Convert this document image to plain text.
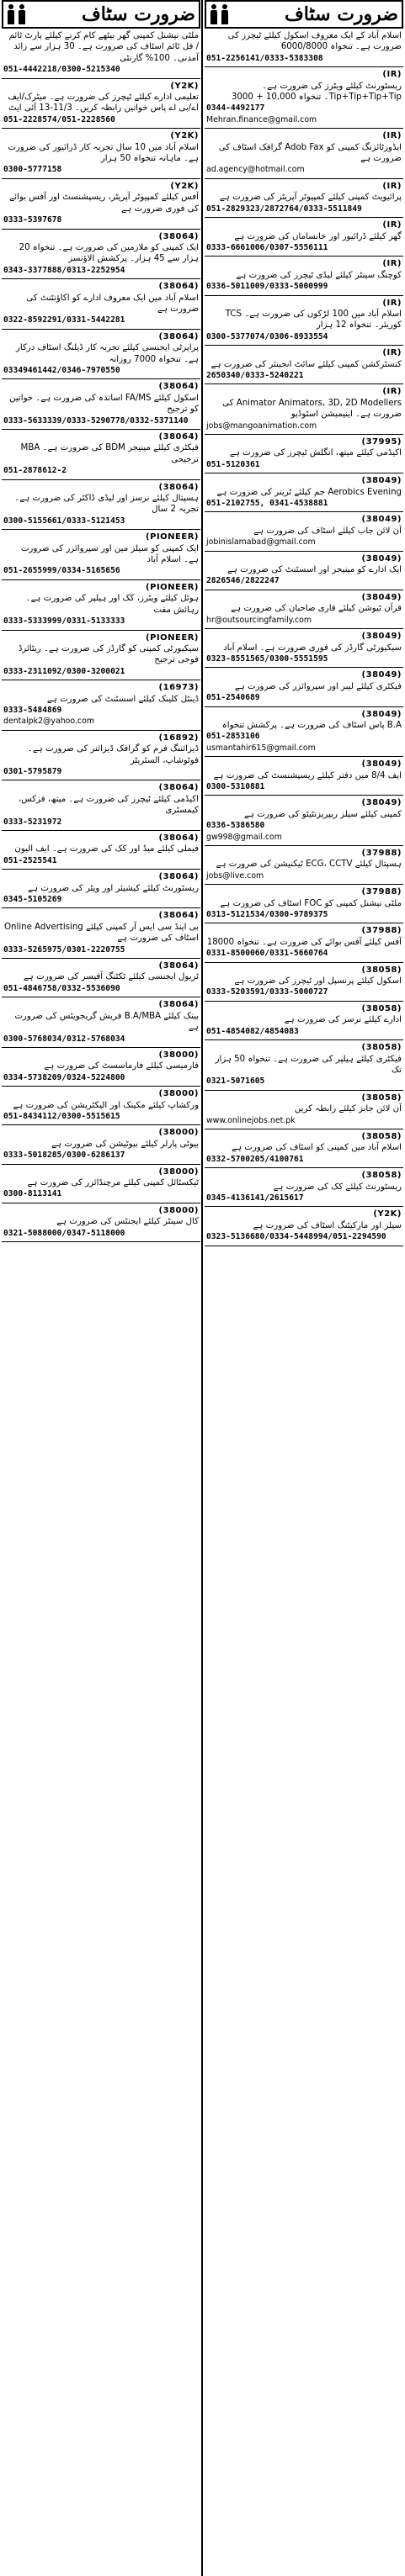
ضرورت سٹاف
ملٹی نیشنل کمپنی گھر بیٹھے کام کرنے کیلئے پارٹ ٹائم / فل ٹائم اسٹاف کی ضرورت ہے۔ 30 ہزار سے زائد آمدنی۔ 100% گارنٹی
051-4442218/0300-5215340
(Y2K)
تعلیمی ادارے کیلئے ٹیچرز کی ضرورت ہے۔ میٹرک/ایف اے/بی اے پاس خواتین رابطہ کریں۔ 11/3-13 آئی ایٹ
051-2228574/051-2228560
(Y2K)
اسلام آباد میں 10 سال تجربہ کار ڈرائیور کی ضرورت ہے۔ ماہانہ تنخواہ 50 ہزار
0300-5777158
(Y2K)
آفس کیلئے کمپیوٹر آپریٹر، ریسپشنسٹ اور آفس بوائے کی فوری ضرورت ہے
0333-5397678
(38064)
ایک کمپنی کو ملازمین کی ضرورت ہے۔ تنخواہ 20 ہزار سے 45 ہزار۔ پرکشش الاؤنسز
0343-3377888/0313-2252954
(38064)
اسلام آباد میں ایک معروف ادارے کو اکاؤنٹنٹ کی ضرورت ہے
0322-8592291/0331-5442281
(38064)
پراپرٹی ایجنسی کیلئے تجربہ کار ڈیلنگ اسٹاف درکار ہے۔ تنخواہ 7000 روزانہ
03349461442/0346-7970550
(38064)
اسکول کیلئے FA/MS اساتذہ کی ضرورت ہے۔ خواتین کو ترجیح
0333-5633339/0333-5290778/0332-5371140
(38064)
فیکٹری کیلئے مینیجر BDM کی ضرورت ہے۔ MBA ترجیحی
051-2878612-2
(38064)
ہسپتال کیلئے نرسز اور لیڈی ڈاکٹر کی ضرورت ہے۔ تجربہ 2 سال
0300-5155661/0333-5121453
(PIONEER)
ایک کمپنی کو سیلز مین اور سپروائزر کی ضرورت ہے۔ اسلام آباد
051-2655999/0334-5165656
(PIONEER)
ہوٹل کیلئے ویٹرز، کک اور ہیلپر کی ضرورت ہے۔ رہائش مفت
0333-5333999/0331-5133333
(PIONEER)
سیکیورٹی کمپنی کو گارڈز کی ضرورت ہے۔ ریٹائرڈ فوجی ترجیح
0333-2311092/0300-3200021
(16973)
ڈینٹل کلینک کیلئے اسسٹنٹ کی ضرورت ہے
0333-5484869
dentalpk2@yahoo.com
(16892)
ڈیزائننگ فرم کو گرافک ڈیزائنر کی ضرورت ہے۔ فوٹوشاپ، السٹریٹر
0301-5795879
(38064)
اکیڈمی کیلئے ٹیچرز کی ضرورت ہے۔ میتھ، فزکس، کیمسٹری
0333-5231972
(38064)
فیملی کیلئے میڈ اور کک کی ضرورت ہے۔ ایف الیون
051-2525541
(38064)
ریسٹورنٹ کیلئے کیشیئر اور ویٹر کی ضرورت ہے
0345-5105269
(38064)
بی اینڈ سی ایس آر کمپنی کیلئے Online Advertising اسٹاف کی ضرورت ہے
0333-5265975/0301-2220755
(38064)
ٹریول ایجنسی کیلئے ٹکٹنگ آفیسر کی ضرورت ہے
051-4846758/0332-5536090
(38064)
بینک کیلئے B.A/MBA فریش گریجویٹس کی ضرورت ہے
0300-5768034/0312-5768034
(38000)
فارمیسی کیلئے فارماسسٹ کی ضرورت ہے
0334-5738209/0324-5224800
(38000)
ورکشاپ کیلئے مکینک اور الیکٹریشن کی ضرورت ہے
051-8434112/0300-5515615
(38000)
بیوٹی پارلر کیلئے بیوٹیشن کی ضرورت ہے
0333-5018285/0300-6286137
(38000)
ٹیکسٹائل کمپنی کیلئے مرچنڈائزر کی ضرورت ہے
0300-8113141
(38000)
کال سینٹر کیلئے ایجنٹس کی ضرورت ہے
0321-5088000/0347-5118000
ضرورت سٹاف
اسلام آباد کے ایک معروف اسکول کیلئے ٹیچرز کی ضرورت ہے۔ تنخواہ 6000/8000
051-2256141/0333-5383308
(IR)
ریسٹورنٹ کیلئے ویٹرز کی ضرورت ہے۔ Tip+Tip+Tip+Tip۔ تنخواہ 10,000 + 3000
0344-4492177
Mehran.finance@gmail.com
(IR)
ایڈورٹائزنگ کمپنی کو Adob Fax گرافک اسٹاف کی ضرورت ہے
ad.agency@hotmail.com
(IR)
پرائیویٹ کمپنی کیلئے کمپیوٹر آپریٹر کی ضرورت ہے
051-2829323/2872764/0333-5511849
(IR)
گھر کیلئے ڈرائیور اور خانساماں کی ضرورت ہے
0333-6661006/0307-5556111
(IR)
کوچنگ سینٹر کیلئے لیڈی ٹیچرز کی ضرورت ہے
0336-5011009/0333-5000999
(IR)
اسلام آباد میں 100 لڑکوں کی ضرورت ہے۔ TCS کوریئر۔ تنخواہ 12 ہزار
0300-5377074/0306-8933554
(IR)
کنسٹرکشن کمپنی کیلئے سائٹ انجینئر کی ضرورت ہے
2650340/0333-5240221
(IR)
Animator Animators, 3D, 2D Modellers کی ضرورت ہے۔ اینیمیشن اسٹوڈیو
jobs@mangoanimation.com
(37995)
اکیڈمی کیلئے میتھ، انگلش ٹیچرز کی ضرورت ہے
051-5120361
(38049)
Aerobics Evening جم کیلئے ٹرینر کی ضرورت ہے
051-2102755, 0341-4538881
(38049)
آن لائن جاب کیلئے اسٹاف کی ضرورت ہے
jobinislamabad@gmail.com
(38049)
ایک ادارے کو مینیجر اور اسسٹنٹ کی ضرورت ہے
2826546/2822247
(38049)
قرآن ٹیوشن کیلئے قاری صاحبان کی ضرورت ہے
hr@outsourcingfamily.com
(38049)
سیکیورٹی گارڈز کی فوری ضرورت ہے۔ اسلام آباد
0323-8551565/0300-5551595
(38049)
فیکٹری کیلئے لیبر اور سپروائزر کی ضرورت ہے
051-2540689
(38049)
B.A پاس اسٹاف کی ضرورت ہے۔ پرکشش تنخواہ
051-2853106
usmantahir615@gmail.com
(38049)
ایف 8/4 میں دفتر کیلئے ریسپشنسٹ کی ضرورت ہے
0300-5310881
(38049)
کمپنی کیلئے سیلز ریپریزنٹیٹو کی ضرورت ہے
0336-5386580
gw998@gmail.com
(37988)
ہسپتال کیلئے ECG، CCTV ٹیکنیشن کی ضرورت ہے
jobs@live.com
(37988)
ملٹی نیشنل کمپنی کو FOC اسٹاف کی ضرورت ہے
0313-5121534/0300-9789375
(37988)
آفس کیلئے آفس بوائے کی ضرورت ہے۔ تنخواہ 18000
0331-8500060/0331-5660764
(38058)
اسکول کیلئے پرنسپل اور ٹیچرز کی ضرورت ہے
0333-5203591/0333-5000727
(38058)
ادارے کیلئے نرسز کی ضرورت ہے
051-4854082/4854083
(38058)
فیکٹری کیلئے ہیلپر کی ضرورت ہے۔ تنخواہ 50 ہزار تک
0321-5071605
(38058)
آن لائن جابز کیلئے رابطہ کریں
www.onlinejobs.net.pk
(38058)
اسلام آباد میں کمپنی کو اسٹاف کی ضرورت ہے
0332-5700205/4100761
(38058)
ریسٹورنٹ کیلئے کک کی ضرورت ہے
0345-4136141/2615617
(Y2K)
سیلز اور مارکیٹنگ اسٹاف کی ضرورت ہے
0323-5136680/0334-5448994/051-2294590
